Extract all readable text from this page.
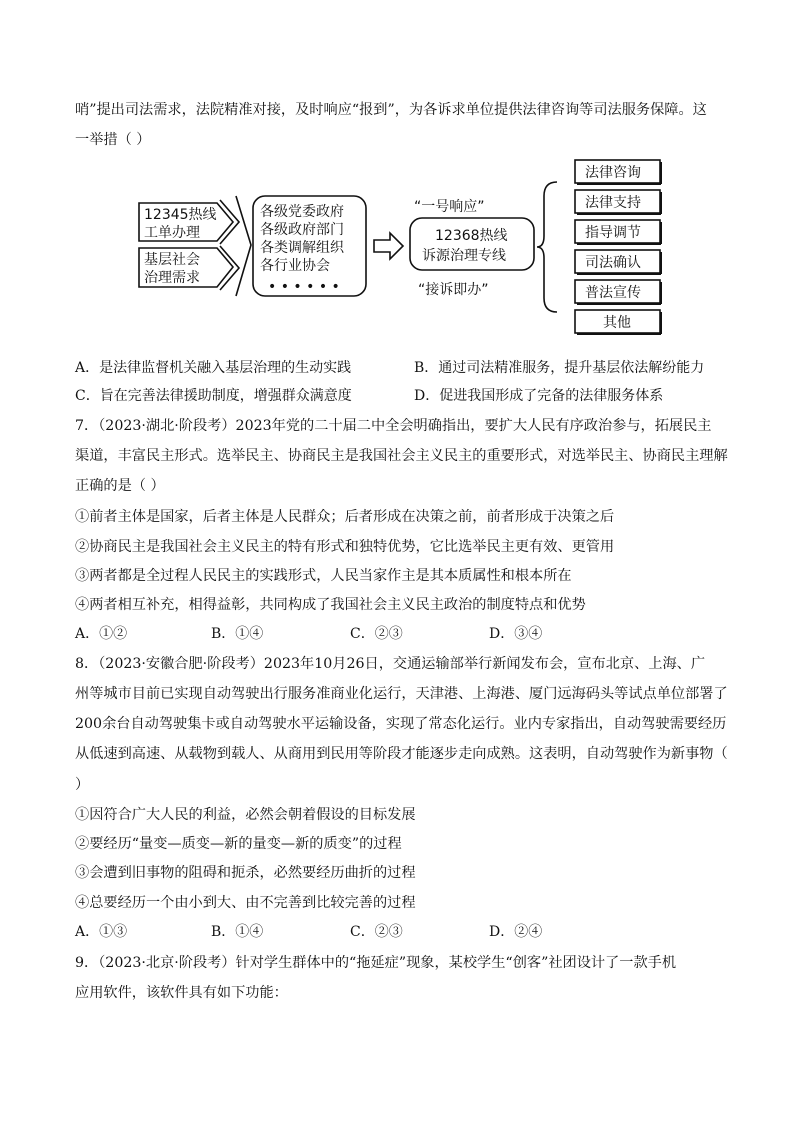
哨”提出司法需求，法院精准对接，及时响应“报到”，为各诉求单位提供法律咨询等司法服务保障。这
一举措（ ）
12345热线
工单办理
基层社会
治理需求
各级党委政府
各级政府部门
各类调解组织
各行业协会
• • • • • •
“一号响应”
12368热线
诉源治理专线
“接诉即办”
法律咨询
法律支持
指导调节
司法确认
普法宣传
其他
A．是法律监督机关融入基层治理的生动实践	B．通过司法精准服务，提升基层依法解纷能力
C．旨在完善法律援助制度，增强群众满意度	D．促进我国形成了完备的法律服务体系
7．（2023·湖北·阶段考）2023年党的二十届二中全会明确指出，要扩大人民有序政治参与，拓展民主
渠道，丰富民主形式。选举民主、协商民主是我国社会主义民主的重要形式，对选举民主、协商民主理解
正确的是（ ）
①前者主体是国家，后者主体是人民群众；后者形成在决策之前，前者形成于决策之后
②协商民主是我国社会主义民主的特有形式和独特优势，它比选举民主更有效、更管用
③两者都是全过程人民民主的实践形式，人民当家作主是其本质属性和根本所在
④两者相互补充，相得益彰，共同构成了我国社会主义民主政治的制度特点和优势
A．①②	B．①④	C．②③	D．③④
8．（2023·安徽合肥·阶段考）2023年10月26日，交通运输部举行新闻发布会，宣布北京、上海、广
州等城市目前已实现自动驾驶出行服务准商业化运行，天津港、上海港、厦门远海码头等试点单位部署了
200余台自动驾驶集卡或自动驾驶水平运输设备，实现了常态化运行。业内专家指出，自动驾驶需要经历
从低速到高速、从载物到载人、从商用到民用等阶段才能逐步走向成熟。这表明，自动驾驶作为新事物（
）
①因符合广大人民的利益，必然会朝着假设的目标发展
②要经历“量变—质变—新的量变—新的质变”的过程
③会遭到旧事物的阻碍和扼杀，必然要经历曲折的过程
④总要经历一个由小到大、由不完善到比较完善的过程
A．①③	B．①④	C．②③	D．②④
9．（2023·北京·阶段考）针对学生群体中的“拖延症”现象，某校学生“创客”社团设计了一款手机
应用软件，该软件具有如下功能：
